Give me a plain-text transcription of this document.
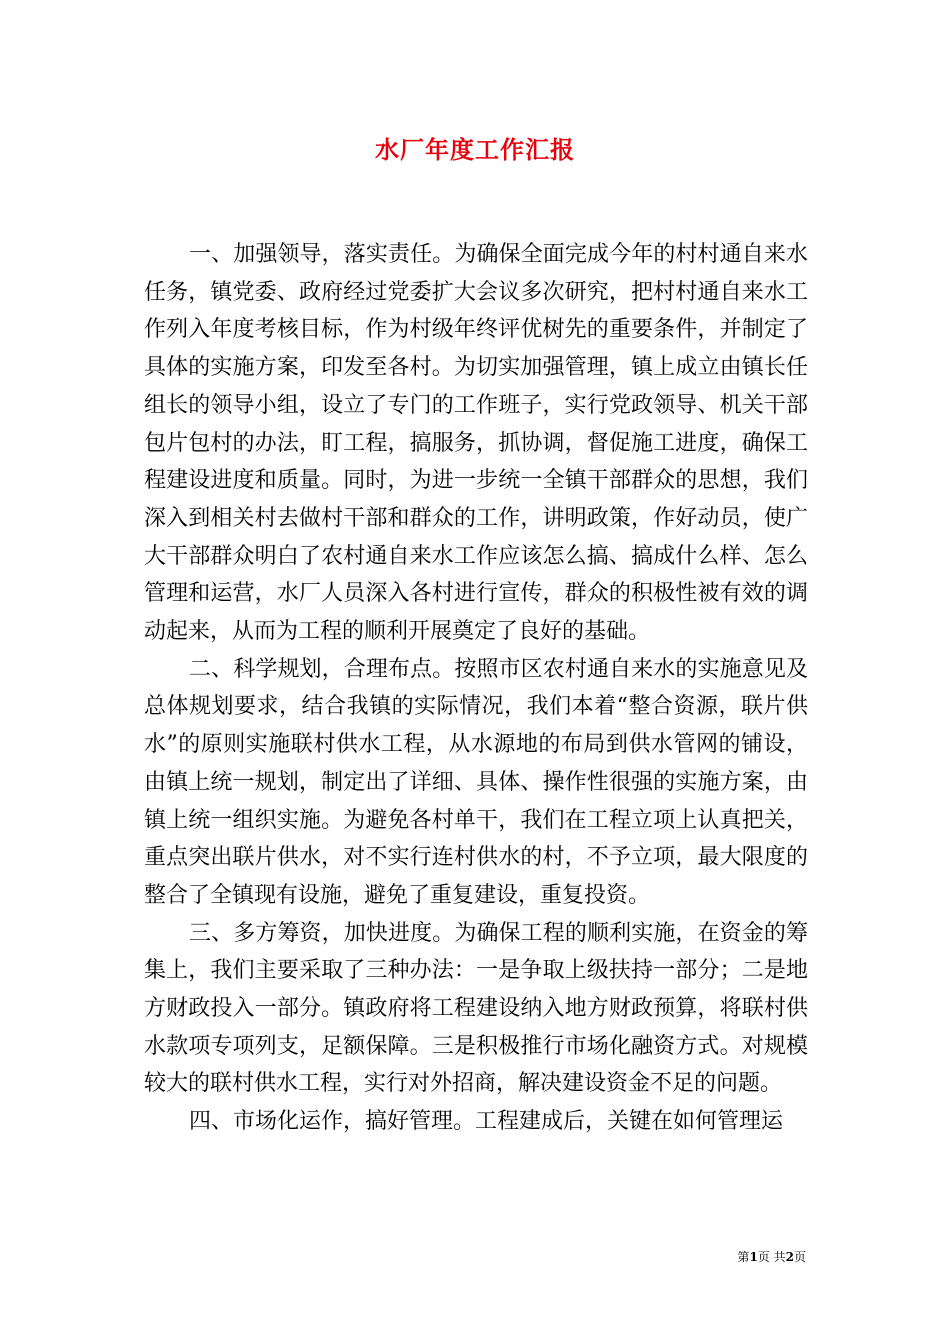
水厂年度工作汇报

一、加强领导，落实责任。为确保全面完成今年的村村通自来水任务，镇党委、政府经过党委扩大会议多次研究，把村村通自来水工作列入年度考核目标，作为村级年终评优树先的重要条件，并制定了具体的实施方案，印发至各村。为切实加强管理，镇上成立由镇长任组长的领导小组，设立了专门的工作班子，实行党政领导、机关干部包片包村的办法，盯工程，搞服务，抓协调，督促施工进度，确保工程建设进度和质量。同时，为进一步统一全镇干部群众的思想，我们深入到相关村去做村干部和群众的工作，讲明政策，作好动员，使广大干部群众明白了农村通自来水工作应该怎么搞、搞成什么样、怎么管理和运营，水厂人员深入各村进行宣传，群众的积极性被有效的调动起来，从而为工程的顺利开展奠定了良好的基础。

二、科学规划，合理布点。按照市区农村通自来水的实施意见及总体规划要求，结合我镇的实际情况，我们本着“整合资源，联片供水”的原则实施联村供水工程，从水源地的布局到供水管网的铺设，由镇上统一规划，制定出了详细、具体、操作性很强的实施方案，由镇上统一组织实施。为避免各村单干，我们在工程立项上认真把关，重点突出联片供水，对不实行连村供水的村，不予立项，最大限度的整合了全镇现有设施，避免了重复建设，重复投资。

三、多方筹资，加快进度。为确保工程的顺利实施，在资金的筹集上，我们主要采取了三种办法：一是争取上级扶持一部分；二是地方财政投入一部分。镇政府将工程建设纳入地方财政预算，将联村供水款项专项列支，足额保障。三是积极推行市场化融资方式。对规模较大的联村供水工程，实行对外招商，解决建设资金不足的问题。

四、市场化运作，搞好管理。工程建成后，关键在如何管理运

第1页 共2页
